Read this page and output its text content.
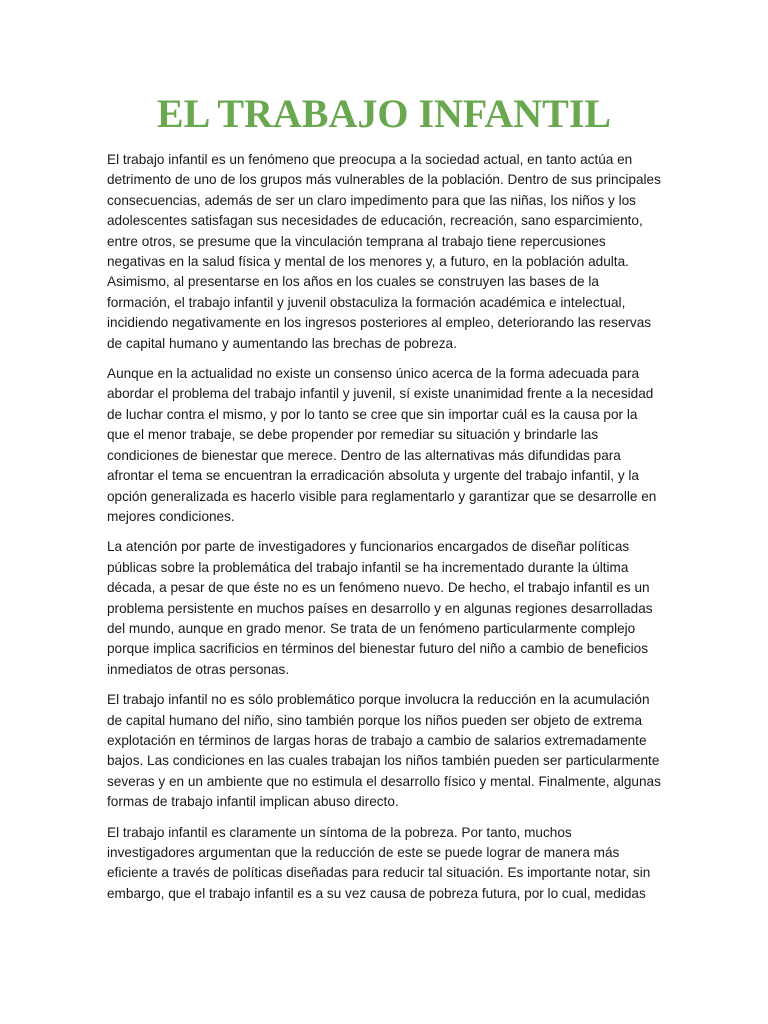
EL TRABAJO INFANTIL

El trabajo infantil es un fenómeno que preocupa a la sociedad actual, en tanto actúa en detrimento de uno de los grupos más vulnerables de la población. Dentro de sus principales consecuencias, además de ser un claro impedimento para que las niñas, los niños y los adolescentes satisfagan sus necesidades de educación, recreación, sano esparcimiento, entre otros, se presume que la vinculación temprana al trabajo tiene repercusiones negativas en la salud física y mental de los menores y, a futuro, en la población adulta. Asimismo, al presentarse en los años en los cuales se construyen las bases de la formación, el trabajo infantil y juvenil obstaculiza la formación académica e intelectual, incidiendo negativamente en los ingresos posteriores al empleo, deteriorando las reservas de capital humano y aumentando las brechas de pobreza.

Aunque en la actualidad no existe un consenso único acerca de la forma adecuada para abordar el problema del trabajo infantil y juvenil, sí existe unanimidad frente a la necesidad de luchar contra el mismo, y por lo tanto se cree que sin importar cuál es la causa por la que el menor trabaje, se debe propender por remediar su situación y brindarle las condiciones de bienestar que merece. Dentro de las alternativas más difundidas para afrontar el tema se encuentran la erradicación absoluta y urgente del trabajo infantil, y la opción generalizada es hacerlo visible para reglamentarlo y garantizar que se desarrolle en mejores condiciones.

La atención por parte de investigadores y funcionarios encargados de diseñar políticas públicas sobre la problemática del trabajo infantil se ha incrementado durante la última década, a pesar de que éste no es un fenómeno nuevo. De hecho, el trabajo infantil es un problema persistente en muchos países en desarrollo y en algunas regiones desarrolladas del mundo, aunque en grado menor. Se trata de un fenómeno particularmente complejo porque implica sacrificios en términos del bienestar futuro del niño a cambio de beneficios inmediatos de otras personas.

El trabajo infantil no es sólo problemático porque involucra la reducción en la acumulación de capital humano del niño, sino también porque los niños pueden ser objeto de extrema explotación en términos de largas horas de trabajo a cambio de salarios extremadamente bajos. Las condiciones en las cuales trabajan los niños también pueden ser particularmente severas y en un ambiente que no estimula el desarrollo físico y mental. Finalmente, algunas formas de trabajo infantil implican abuso directo.

El trabajo infantil es claramente un síntoma de la pobreza. Por tanto, muchos investigadores argumentan que la reducción de este se puede lograr de manera más eficiente a través de políticas diseñadas para reducir tal situación. Es importante notar, sin embargo, que el trabajo infantil es a su vez causa de pobreza futura, por lo cual, medidas
